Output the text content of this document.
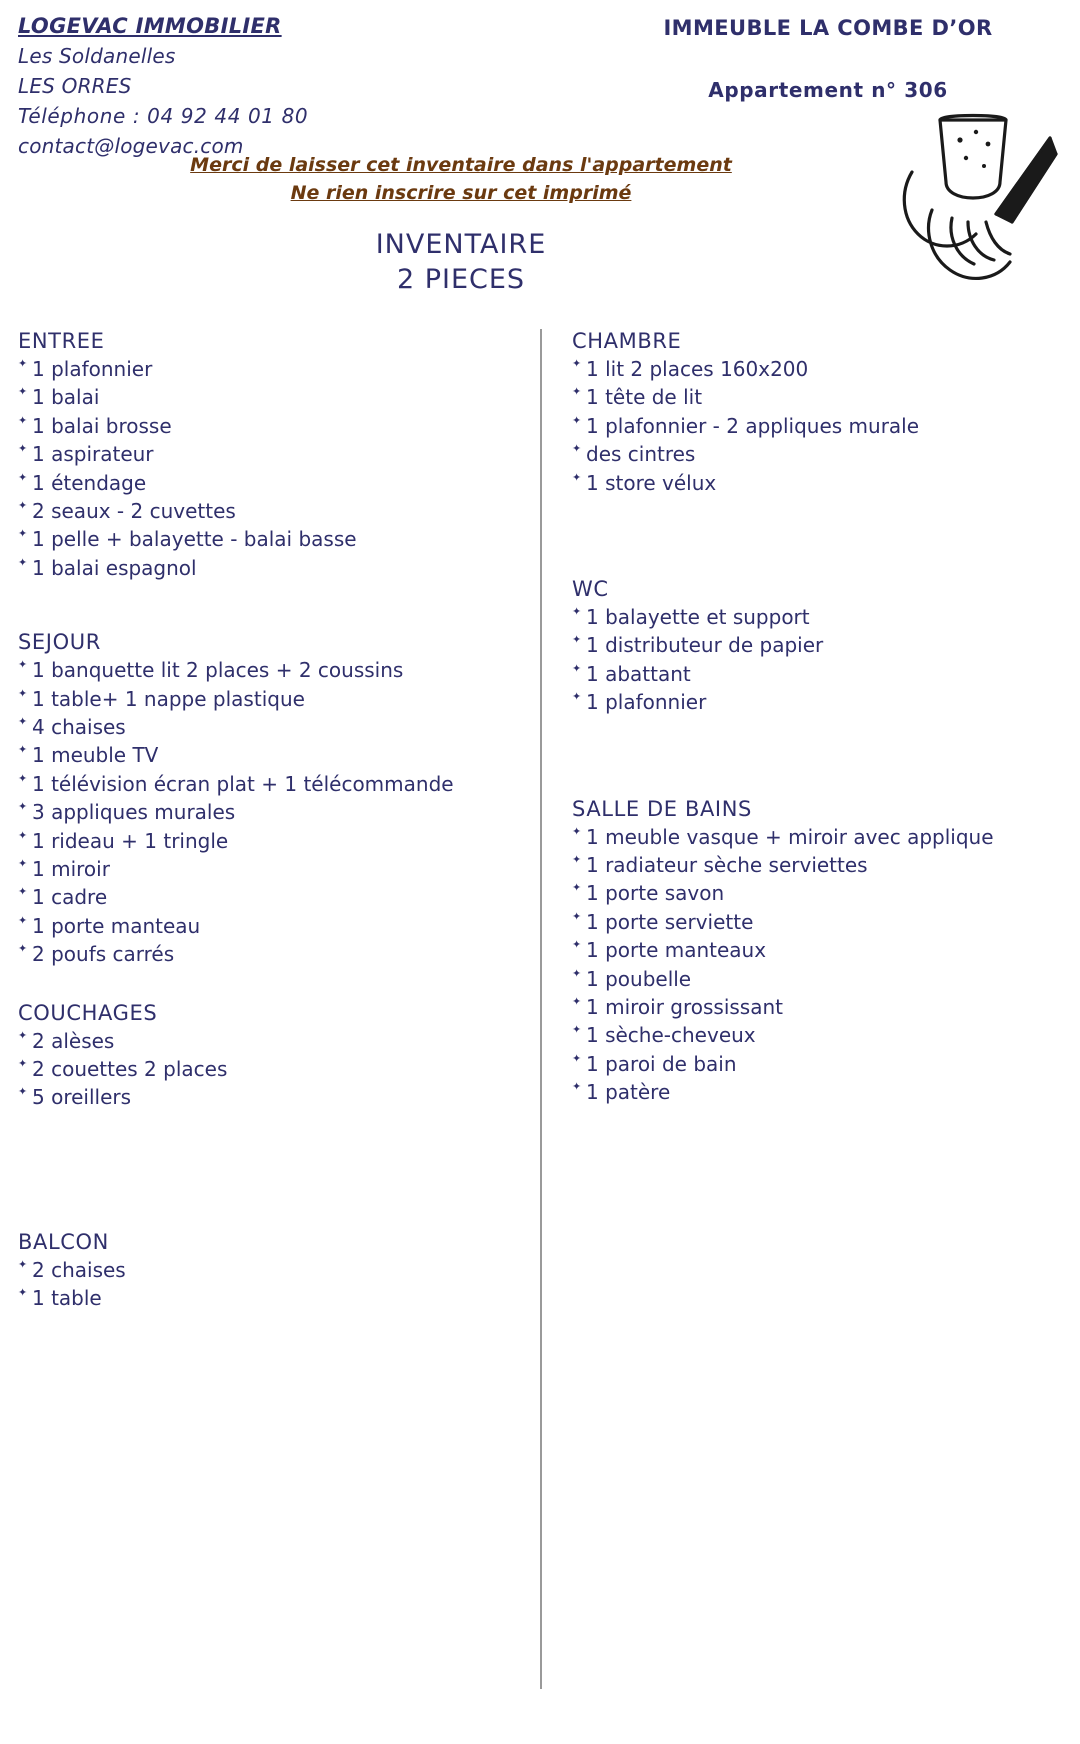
LOGEVAC IMMOBILIER
Les Soldanelles
LES ORRES
Téléphone : 04 92 44 01 80
contact@logevac.com
IMMEUBLE LA COMBE D’OR
Appartement n° 306
Merci de laisser cet inventaire dans l'appartement
Ne rien inscrire sur cet imprimé
INVENTAIRE
2 PIECES
ENTREE
✦ 1 plafonnier
✦ 1 balai
✦ 1 balai brosse
✦ 1 aspirateur
✦ 1 étendage
✦ 2 seaux - 2 cuvettes
✦ 1 pelle + balayette - balai basse
✦ 1 balai espagnol
SEJOUR
✦ 1 banquette lit 2 places + 2 coussins
✦ 1 table+ 1 nappe plastique
✦ 4 chaises
✦ 1 meuble TV
✦ 1 télévision écran plat + 1 télécommande
✦ 3 appliques murales
✦ 1 rideau + 1 tringle
✦ 1 miroir
✦ 1 cadre
✦ 1 porte manteau
✦ 2 poufs carrés
COUCHAGES
✦ 2 alèses
✦ 2 couettes 2 places
✦ 5 oreillers
BALCON
✦ 2 chaises
✦ 1 table
CHAMBRE
✦ 1 lit 2 places 160x200
✦ 1 tête de lit
✦ 1 plafonnier - 2 appliques murale
✦ des cintres
✦ 1 store vélux
WC
✦ 1 balayette et support
✦ 1 distributeur de papier
✦ 1 abattant
✦ 1 plafonnier
SALLE DE BAINS
✦ 1 meuble vasque + miroir avec applique
✦ 1 radiateur sèche serviettes
✦ 1 porte savon
✦ 1 porte serviette
✦ 1 porte manteaux
✦ 1 poubelle
✦ 1 miroir grossissant
✦ 1 sèche-cheveux
✦ 1 paroi de bain
✦ 1 patère
